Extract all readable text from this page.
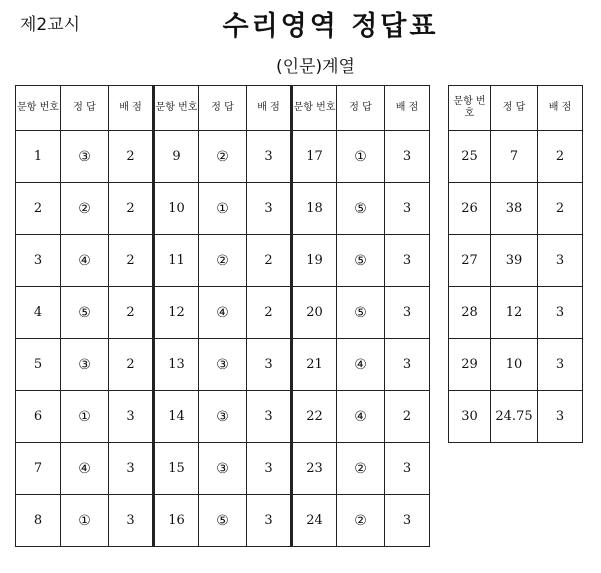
제2교시	수리영역 정답표
(인문)계열
문항 번호	정 답	배 점	문항 번호	정 답	배 점	문항 번호	정 답	배 점
1	③	2	9	②	3	17	①	3
2	②	2	10	①	3	18	⑤	3
3	④	2	11	②	2	19	⑤	3
4	⑤	2	12	④	2	20	⑤	3
5	③	2	13	③	3	21	④	3
6	①	3	14	③	3	22	④	2
7	④	3	15	③	3	23	②	3
8	①	3	16	⑤	3	24	②	3
문항 번호	정 답	배 점
25	7	2
26	38	2
27	39	3
28	12	3
29	10	3
30	24.75	3
